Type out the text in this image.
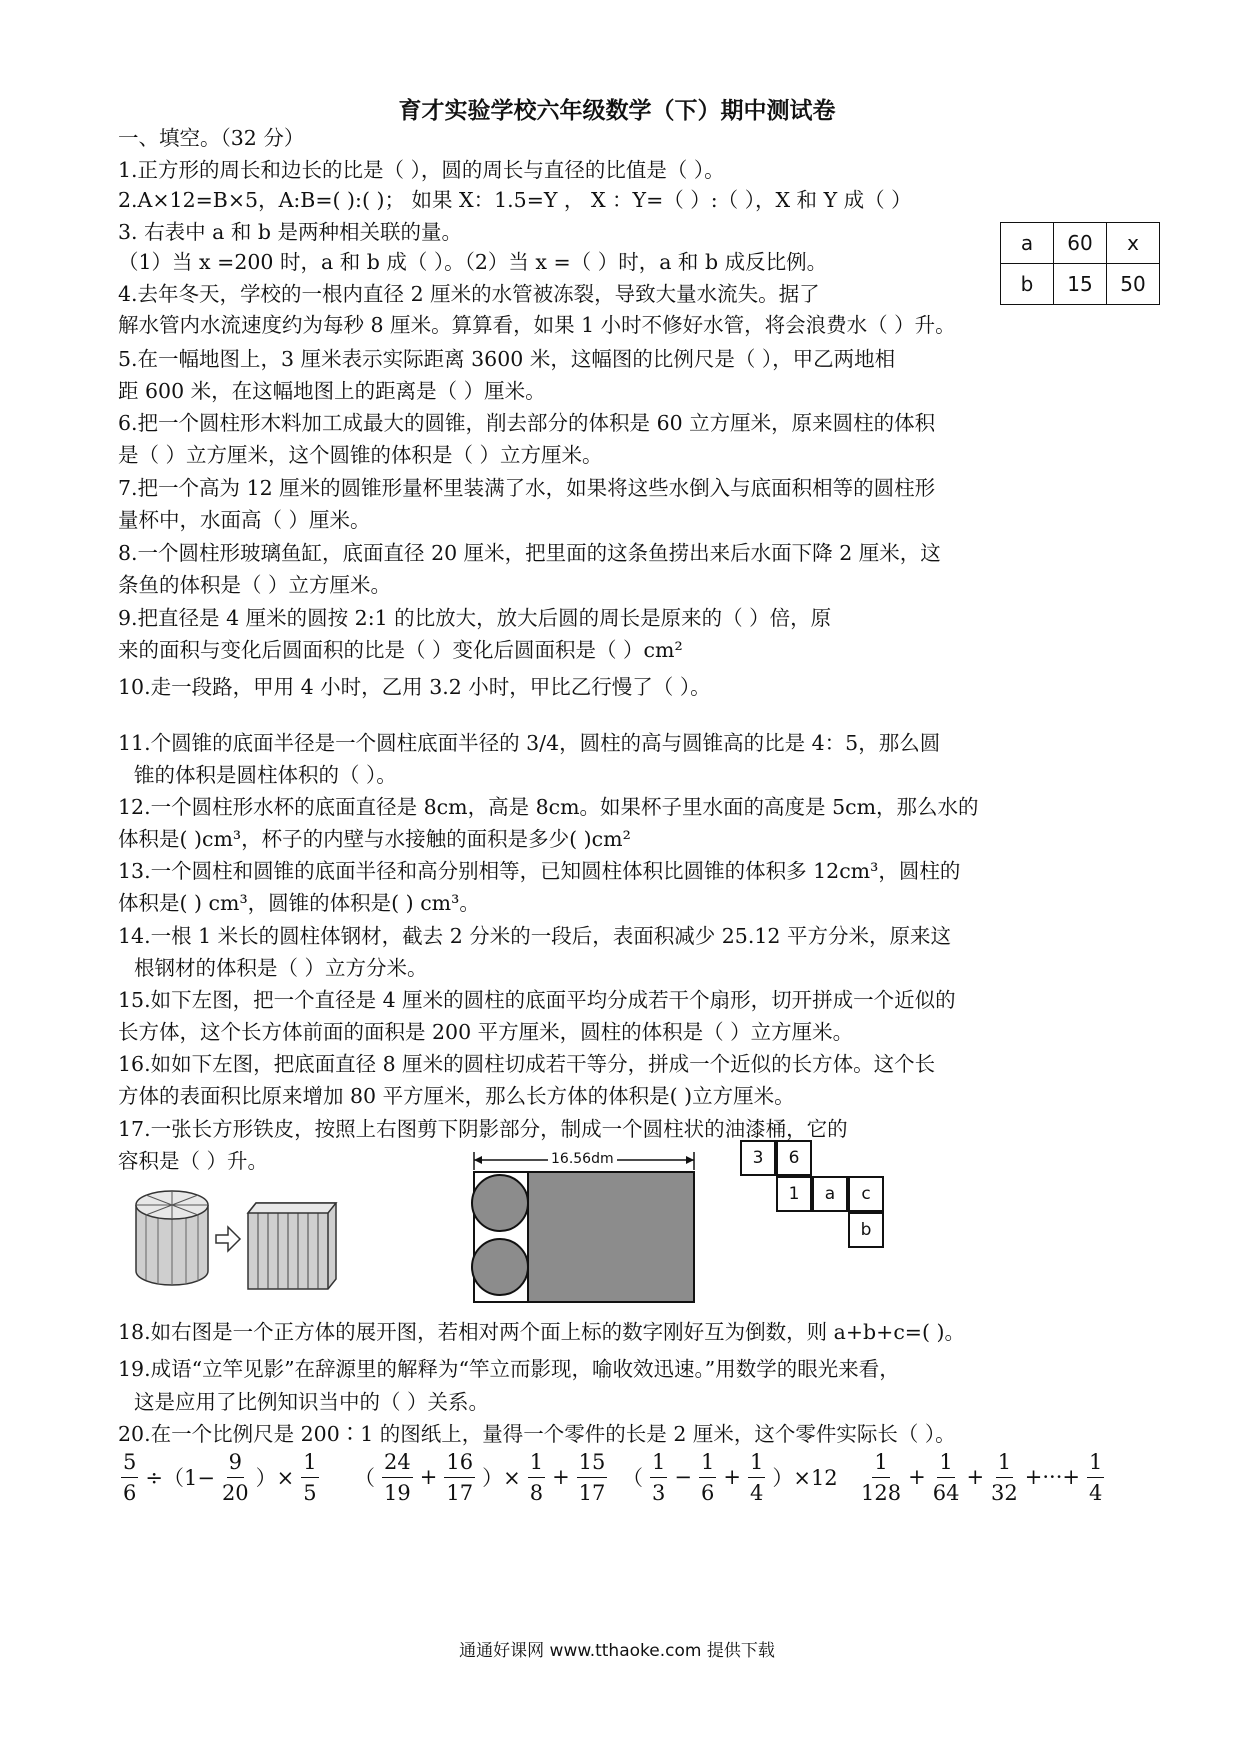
育才实验学校六年级数学（下）期中测试卷
一、填空。（32 分）
1.正方形的周长和边长的比是（ ），圆的周长与直径的比值是（ ）。
2.A×12=B×5，A:B=( ):( )； 如果 X：1.5=Y ， X ：Y=（ ）:（ ），X 和 Y 成（ ）
3. 右表中 a 和 b 是两种相关联的量。
（1）当 x =200 时，a 和 b 成（ ）。（2）当 x =（ ）时，a 和 b 成反比例。
a	60	x
b	15	50
4.去年冬天，学校的一根内直径 2 厘米的水管被冻裂，导致大量水流失。据了
解水管内水流速度约为每秒 8 厘米。算算看，如果 1 小时不修好水管，将会浪费水（ ）升。
5.在一幅地图上，3 厘米表示实际距离 3600 米，这幅图的比例尺是（ ），甲乙两地相
距 600 米，在这幅地图上的距离是（ ）厘米。
6.把一个圆柱形木料加工成最大的圆锥，削去部分的体积是 60 立方厘米，原来圆柱的体积
是（ ）立方厘米，这个圆锥的体积是（ ）立方厘米。
7.把一个高为 12 厘米的圆锥形量杯里装满了水，如果将这些水倒入与底面积相等的圆柱形
量杯中，水面高（ ）厘米。
8.一个圆柱形玻璃鱼缸，底面直径 20 厘米，把里面的这条鱼捞出来后水面下降 2 厘米，这
条鱼的体积是（ ）立方厘米。
9.把直径是 4 厘米的圆按 2:1 的比放大，放大后圆的周长是原来的（ ）倍，原
来的面积与变化后圆面积的比是（ ）变化后圆面积是（ ）cm²
10.走一段路，甲用 4 小时，乙用 3.2 小时，甲比乙行慢了（ ）。
11.个圆锥的底面半径是一个圆柱底面半径的 3/4，圆柱的高与圆锥高的比是 4：5，那么圆
锥的体积是圆柱体积的（ ）。
12.一个圆柱形水杯的底面直径是 8cm，高是 8cm。如果杯子里水面的高度是 5cm，那么水的
体积是( )cm³，杯子的内壁与水接触的面积是多少( )cm²
13.一个圆柱和圆锥的底面半径和高分别相等，已知圆柱体积比圆锥的体积多 12cm³，圆柱的
体积是( ) cm³，圆锥的体积是( ) cm³。
14.一根 1 米长的圆柱体钢材，截去 2 分米的一段后，表面积减少 25.12 平方分米，原来这
根钢材的体积是（ ）立方分米。
15.如下左图，把一个直径是 4 厘米的圆柱的底面平均分成若干个扇形，切开拼成一个近似的
长方体，这个长方体前面的面积是 200 平方厘米，圆柱的体积是（ ）立方厘米。
16.如如下左图，把底面直径 8 厘米的圆柱切成若干等分，拼成一个近似的长方体。这个长
方体的表面积比原来增加 80 平方厘米，那么长方体的体积是( )立方厘米。
17.一张长方形铁皮，按照上右图剪下阴影部分，制成一个圆柱状的油漆桶，它的
容积是（ ）升。	16.56dm	3	6
1	a	c
b
18.如右图是一个正方体的展开图，若相对两个面上标的数字刚好互为倒数，则 a+b+c=( )。
19.成语“立竿见影”在辞源里的解释为“竿立而影现，喻收效迅速。”用数学的眼光来看，
这是应用了比例知识当中的（ ）关系。
20.在一个比例尺是 200∶1 的图纸上，量得一个零件的长是 2 厘米，这个零件实际长（ ）。
$\frac{5}{6} \div(1- \frac{9}{20}$ ）× $\frac{1}{5}$ （ $\frac{24}{19} + \frac{16}{17}$ ）× $\frac{1}{8} + \frac{15}{17}$ （ $\frac{1}{3} - \frac{1}{6} + \frac{1}{4} )\times 12 \frac{1}{128} + \frac{1}{64} + \frac{1}{32}$ +···+ $\frac{1}{4}$
通通好课网 www.tthaoke.com 提供下载
